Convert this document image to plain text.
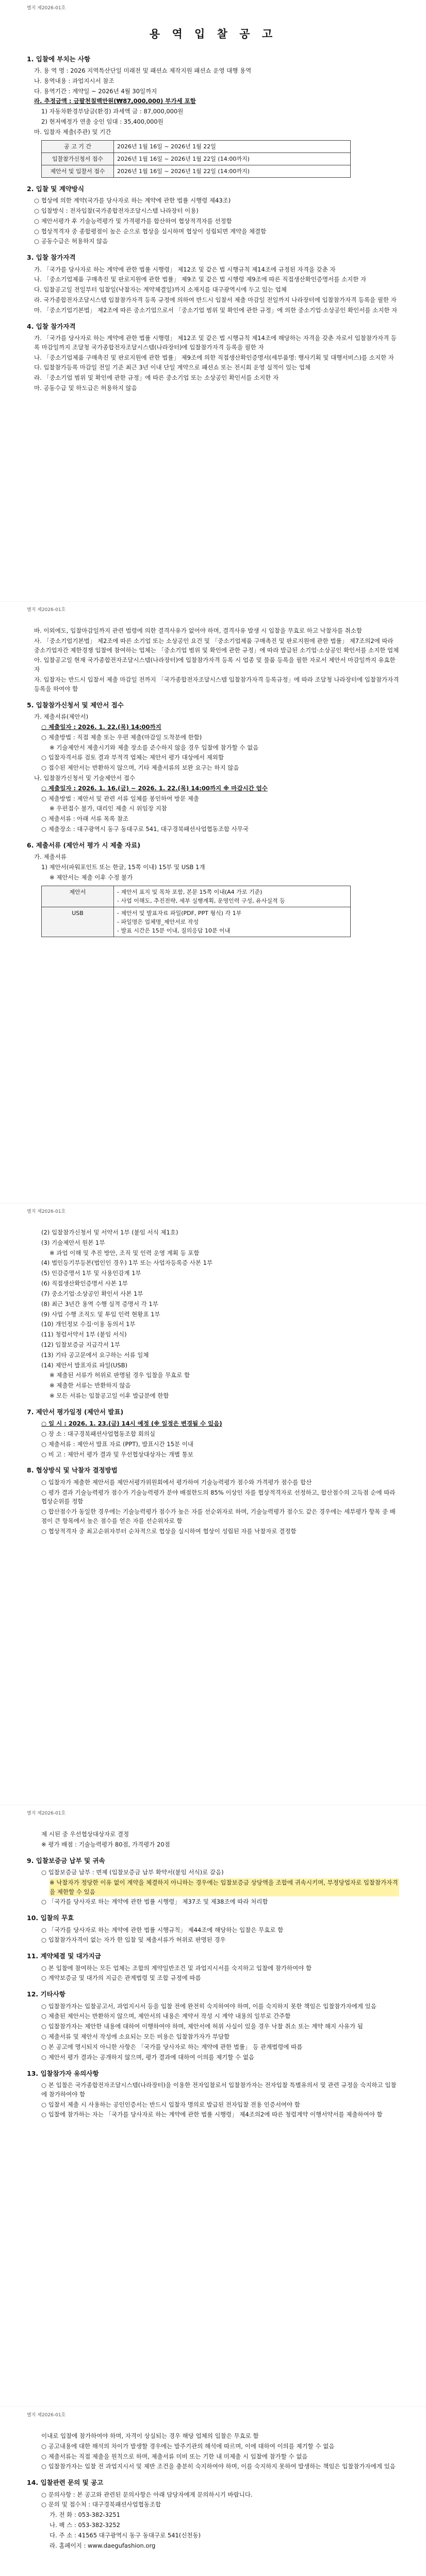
별지 제2026-01호
용 역 입 찰 공 고
1. 입찰에 부치는 사항
가. 용 역 명 : 2026 지역특산단일 미래전 및 패션쇼 제작지원 패션쇼 운영 대행 용역
나. 용역내용 : 과업지시서 참조
다. 용역기간 : 계약일 ~ 2026년 4월 30일까지
라. 추정금액 : 금팔천칠백만원(₩87,000,000) 부가세 포함
1) 자동차환경부담금(환경) 과세액 금 : 87,000,000원
2) 현저예정가 연출 숭인 임대 : 35,400,000원
마. 입찰자 제출(주관) 및 기간
공 고 기 간	2026년 1월 16일 ~ 2026년 1월 22일
입찰참가신청서 접수	2026년 1월 16일 ~ 2026년 1월 22일 (14:00까지)
제안서 및 입찰서 접수	2026년 1월 16일 ~ 2026년 1월 22일 (14:00까지)
2. 입찰 및 계약방식
○ 협상에 의한 계약(국가를 당사자로 하는 계약에 관한 법률 시행령 제43조)
○ 입찰방식 : 전자입찰(국가종합전자조달시스템 나라장터 이용)
○ 제안서평가 후 기술능력평가 및 가격평가를 합산하여 협상적격자를 선정함
○ 협상적격자 중 종합평점이 높은 순으로 협상을 실시하며 협상이 성립되면 계약을 체결함
○ 공동수급은 허용하지 않음
3. 입찰 참가자격
가. 「국가를 당사자로 하는 계약에 관한 법률 시행령」 제12조 및 같은 법 시행규칙 제14조에 규정된 자격을 갖춘 자
나. 「중소기업제품 구매촉진 및 판로지원에 관한 법률」 제9조 및 같은 법 시행령 제9조에 따른 직접생산확인증명서를 소지한 자
다. 입찰공고일 전일부터 입찰일(낙찰자는 계약체결일)까지 소재지를 대구광역시에 두고 있는 업체
라. 국가종합전자조달시스템 입찰참가자격 등록 규정에 의하여 반드시 입찰서 제출 마감일 전일까지 나라장터에 입찰참가자격 등록을 필한 자
마. 「중소기업기본법」 제2조에 따른 중소기업으로서 「중소기업 범위 및 확인에 관한 규정」에 의한 중소기업·소상공인 확인서를 소지한 자
4. 입찰 참가자격
가. 「국가를 당사자로 하는 계약에 관한 법률 시행령」 제12조 및 같은 법 시행규칙 제14조에 해당하는 자격을 갖춘 자로서 입찰참가자격 등록 마감일까지 조달청 국가종합전자조달시스템(나라장터)에 입찰참가자격 등록을 필한 자
나. 「중소기업제품 구매촉진 및 판로지원에 관한 법률」 제9조에 의한 직접생산확인증명서(세부품명: 행사기획 및 대행서비스)를 소지한 자
다. 입찰참가등록 마감일 전일 기준 최근 3년 이내 단일 계약으로 패션쇼 또는 전시회 운영 실적이 있는 업체
라. 「중소기업 범위 및 확인에 관한 규정」에 따른 중소기업 또는 소상공인 확인서를 소지한 자
마. 공동수급 및 하도급은 허용하지 않음
별지 제2026-01호
바. 이외에도, 입찰마감일까지 관련 법령에 의한 결격사유가 없어야 하며, 결격사유 발생 시 입찰을 무효로 하고 낙찰자를 취소함
사. 「중소기업기본법」 제2조에 따른 소기업 또는 소상공인 요건 및 「중소기업제품 구매촉진 및 판로지원에 관한 법률」 제7조의2에 따라 중소기업자간 제한경쟁 입찰에 참여하는 업체는 「중소기업 범위 및 확인에 관한 규정」에 따라 발급된 소기업·소상공인 확인서를 소지한 업체
아. 입찰공고일 현재 국가종합전자조달시스템(나라장터)에 입찰참가자격 등록 시 업종 및 물품 등록을 필한 자로서 제안서 마감일까지 유효한 자
자. 입찰자는 반드시 입찰서 제출 마감일 전까지 「국가종합전자조달시스템 입찰참가자격 등록규정」에 따라 조달청 나라장터에 입찰참가자격 등록을 하여야 함
5. 입찰참가신청서 및 제안서 접수
가. 제출서류(제안서)
○ 제출일자 : 2026. 1. 22.(목) 14:00까지
○ 제출방법 : 직접 제출 또는 우편 제출(마감일 도착분에 한함)
※ 기술제안서 제출시기와 제출 장소를 준수하지 않을 경우 입찰에 참가할 수 없음
○ 입찰자격서류 검토 결과 부적격 업체는 제안서 평가 대상에서 제외함
○ 접수된 제안서는 반환하지 않으며, 기타 제출서류의 보완 요구는 하지 않음
나. 입찰참가신청서 및 기술제안서 접수
○ 제출일자 : 2026. 1. 16.(금) ~ 2026. 1. 22.(목) 14:00까지 ※ 마감시간 엄수
○ 제출방법 : 제안서 및 관련 서류 일체를 봉인하여 방문 제출
※ 우편접수 불가, 대리인 제출 시 위임장 지참
○ 제출서류 : 아래 서류 목록 참조
○ 제출장소 : 대구광역시 동구 동대구로 541, 대구경북패션사업협동조합 사무국
6. 제출서류 (제안서 평가 시 제출 자료)
가. 제출서류
1) 제안서(파워포인트 또는 한글, 15쪽 이내) 15부 및 USB 1개
※ 제안서는 제출 이후 수정 불가
제안서	- 제안서 표지 및 목차 포함, 본문 15쪽 이내(A4 가로 기준)
- 사업 이해도, 추진전략, 세부 실행계획, 운영인력 구성, 유사실적 등
USB	- 제안서 및 발표자료 파일(PDF, PPT 형식) 각 1부
- 파일명은 업체명_제안서로 작성
- 발표 시간은 15분 이내, 질의응답 10분 이내
별지 제2026-01호
(2) 입찰참가신청서 및 서약서 1부 (붙임 서식 제1호)
(3) 기술제안서 원본 1부
※ 과업 이해 및 추진 방안, 조직 및 인력 운영 계획 등 포함
(4) 법인등기부등본(법인인 경우) 1부 또는 사업자등록증 사본 1부
(5) 인감증명서 1부 및 사용인감계 1부
(6) 직접생산확인증명서 사본 1부
(7) 중소기업·소상공인 확인서 사본 1부
(8) 최근 3년간 용역 수행 실적 증명서 각 1부
(9) 사업 수행 조직도 및 투입 인력 현황표 1부
(10) 개인정보 수집·이용 동의서 1부
(11) 청렴서약서 1부 (붙임 서식)
(12) 입찰보증금 지급각서 1부
(13) 기타 공고문에서 요구하는 서류 일체
(14) 제안서 발표자료 파일(USB)
※ 제출된 서류가 허위로 판명될 경우 입찰을 무효로 함
※ 제출한 서류는 반환하지 않음
※ 모든 서류는 입찰공고일 이후 발급분에 한함
7. 제안서 평가일정 (제안서 발표)
○ 일 시 : 2026. 1. 23.(금) 14시 예정 (※ 일정은 변경될 수 있음)
○ 장 소 : 대구경북패션사업협동조합 회의실
○ 제출서류 : 제안서 발표 자료 (PPT), 발표시간 15분 이내
○ 비 고 : 제안서 평가 결과 및 우선협상대상자는 개별 통보
8. 협상방식 및 낙찰자 결정방법
○ 입찰자가 제출한 제안서를 제안서평가위원회에서 평가하여 기술능력평가 점수와 가격평가 점수를 합산
○ 평가 결과 기술능력평가 점수가 기술능력평가 분야 배점한도의 85% 이상인 자를 협상적격자로 선정하고, 합산점수의 고득점 순에 따라 협상순위를 정함
○ 합산점수가 동일한 경우에는 기술능력평가 점수가 높은 자를 선순위자로 하며, 기술능력평가 점수도 같은 경우에는 세부평가 항목 중 배점이 큰 항목에서 높은 점수를 얻은 자를 선순위자로 함
○ 협상적격자 중 최고순위자부터 순차적으로 협상을 실시하여 협상이 성립된 자를 낙찰자로 결정함
별지 제2026-01호
제 시된 중 우선협상대상자로 결정
※ 평가 배점 : 기술능력평가 80점, 가격평가 20점
9. 입찰보증금 납부 및 귀속
○ 입찰보증금 납부 : 면제 (입찰보증금 납부 확약서(붙임 서식)로 갈음)
※ 낙찰자가 정당한 이유 없이 계약을 체결하지 아니하는 경우에는 입찰보증금 상당액을 조합에 귀속시키며, 부정당업자로 입찰참가자격을 제한할 수 있음
○ 「국가를 당사자로 하는 계약에 관한 법률 시행령」 제37조 및 제38조에 따라 처리함
10. 입찰의 무효
○ 「국가를 당사자로 하는 계약에 관한 법률 시행규칙」 제44조에 해당하는 입찰은 무효로 함
○ 입찰참가자격이 없는 자가 한 입찰 및 제출서류가 허위로 판명된 경우
11. 계약체결 및 대가지급
○ 본 입찰에 참여하는 모든 업체는 조합의 계약일반조건 및 과업지시서를 숙지하고 입찰에 참가하여야 함
○ 계약보증금 및 대가의 지급은 관계법령 및 조합 규정에 따름
12. 기타사항
○ 입찰참가자는 입찰공고서, 과업지시서 등을 입찰 전에 완전히 숙지하여야 하며, 이를 숙지하지 못한 책임은 입찰참가자에게 있음
○ 제출된 제안서는 반환하지 않으며, 제안서의 내용은 계약서 작성 시 계약 내용의 일부로 간주함
○ 입찰참가자는 제안한 내용에 대하여 이행하여야 하며, 제안서에 허위 사실이 있을 경우 낙찰 취소 또는 계약 해지 사유가 됨
○ 제출서류 및 제안서 작성에 소요되는 모든 비용은 입찰참가자가 부담함
○ 본 공고에 명시되지 아니한 사항은 「국가를 당사자로 하는 계약에 관한 법률」 등 관계법령에 따름
○ 제안서 평가 결과는 공개하지 않으며, 평가 결과에 대하여 이의를 제기할 수 없음
13. 입찰참가자 유의사항
○ 본 입찰은 국가종합전자조달시스템(나라장터)을 이용한 전자입찰로서 입찰참가자는 전자입찰 특별유의서 및 관련 규정을 숙지하고 입찰에 참가하여야 함
○ 입찰서 제출 시 사용하는 공인인증서는 반드시 입찰자 명의로 발급된 전자입찰 전용 인증서여야 함
○ 입찰에 참가하는 자는 「국가를 당사자로 하는 계약에 관한 법률 시행령」 제4조의2에 따른 청렴계약 이행서약서를 제출하여야 함
별지 제2026-01호
이내로 입찰에 참가하여야 하며, 자격이 상실되는 경우 해당 업체의 입찰은 무효로 함
○ 공고내용에 대한 해석의 차이가 발생할 경우에는 발주기관의 해석에 따르며, 이에 대하여 이의를 제기할 수 없음
○ 제출서류는 직접 제출을 원칙으로 하며, 제출서류 미비 또는 기한 내 미제출 시 입찰에 참가할 수 없음
○ 입찰참가자는 입찰 전 과업지시서 및 제반 조건을 충분히 숙지하여야 하며, 이를 숙지하지 못하여 발생하는 책임은 입찰참가자에게 있음
14. 입찰관련 문의 및 공고
○ 문의사항 : 본 공고와 관련된 문의사항은 아래 담당자에게 문의하시기 바랍니다.
○ 문의 및 접수처 : 대구경북패션사업협동조합
가. 전 화 : 053-382-3251
나. 팩 스 : 053-382-3252
다. 주 소 : 41565 대구광역시 동구 동대구로 541(신천동)
라. 홈페이지 : www.daegufashion.org
